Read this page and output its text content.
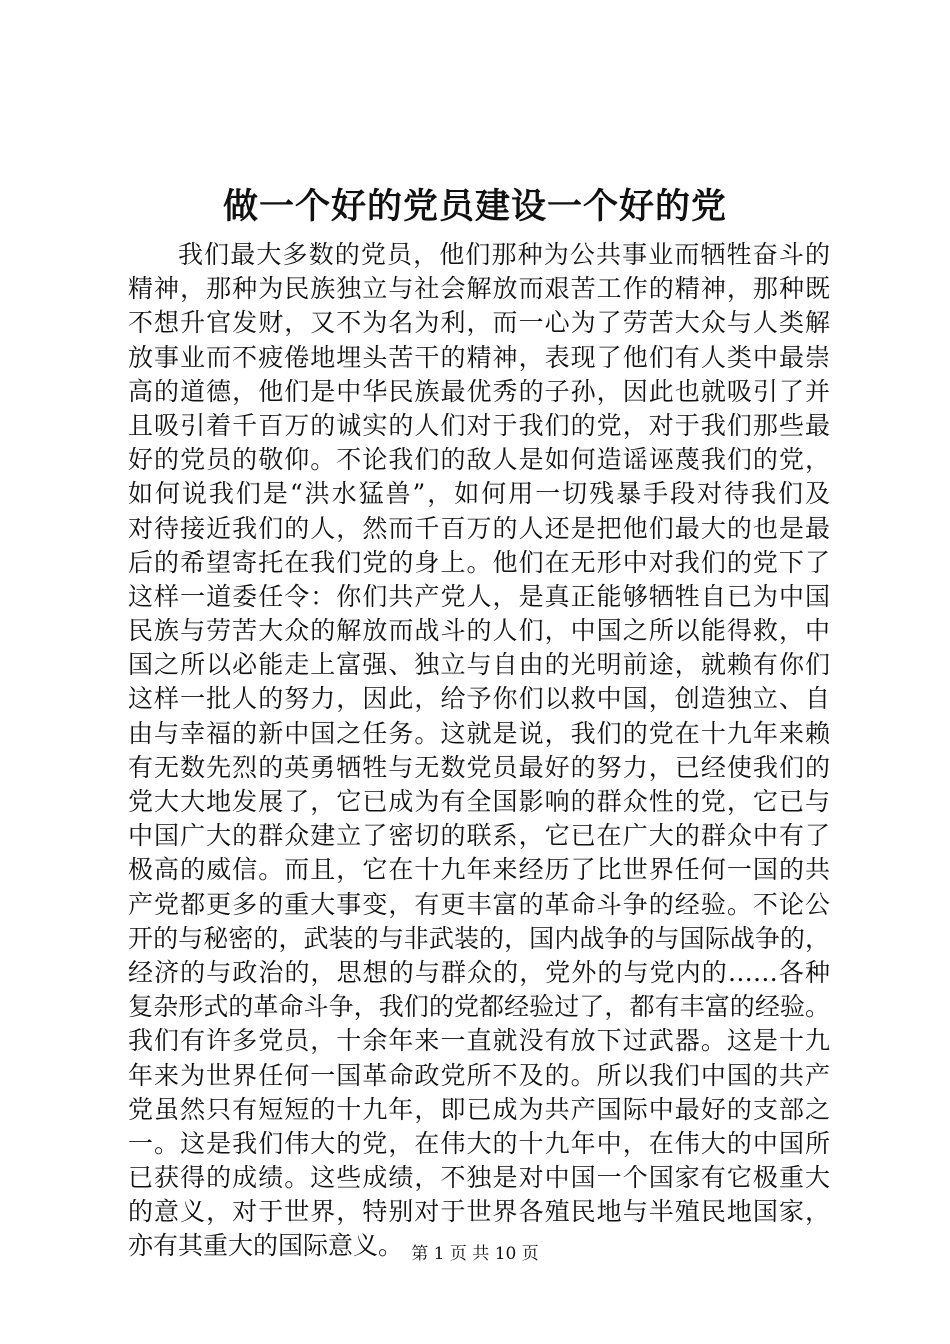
做一个好的党员建设一个好的党
我们最大多数的党员，他们那种为公共事业而牺牲奋斗的
精神，那种为民族独立与社会解放而艰苦工作的精神，那种既
不想升官发财，又不为名为利，而一心为了劳苦大众与人类解
放事业而不疲倦地埋头苦干的精神，表现了他们有人类中最崇
高的道德，他们是中华民族最优秀的子孙，因此也就吸引了并
且吸引着千百万的诚实的人们对于我们的党，对于我们那些最
好的党员的敬仰。不论我们的敌人是如何造谣诬蔑我们的党，
如何说我们是“洪水猛兽”，如何用一切残暴手段对待我们及
对待接近我们的人，然而千百万的人还是把他们最大的也是最
后的希望寄托在我们党的身上。他们在无形中对我们的党下了
这样一道委任令：你们共产党人，是真正能够牺牲自已为中国
民族与劳苦大众的解放而战斗的人们，中国之所以能得救，中
国之所以必能走上富强、独立与自由的光明前途，就赖有你们
这样一批人的努力，因此，给予你们以救中国，创造独立、自
由与幸福的新中国之任务。这就是说，我们的党在十九年来赖
有无数先烈的英勇牺牲与无数党员最好的努力，已经使我们的
党大大地发展了，它已成为有全国影响的群众性的党，它已与
中国广大的群众建立了密切的联系，它已在广大的群众中有了
极高的威信。而且，它在十九年来经历了比世界任何一国的共
产党都更多的重大事变，有更丰富的革命斗争的经验。不论公
开的与秘密的，武装的与非武装的，国内战争的与国际战争的，
经济的与政治的，思想的与群众的，党外的与党内的……各种
复杂形式的革命斗争，我们的党都经验过了，都有丰富的经验。
我们有许多党员，十余年来一直就没有放下过武器。这是十九
年来为世界任何一国革命政党所不及的。所以我们中国的共产
党虽然只有短短的十九年，即已成为共产国际中最好的支部之
一。这是我们伟大的党，在伟大的十九年中，在伟大的中国所
已获得的成绩。这些成绩，不独是对中国一个国家有它极重大
的意义，对于世界，特别对于世界各殖民地与半殖民地国家，
亦有其重大的国际意义。 第 1 页 共 10 页
